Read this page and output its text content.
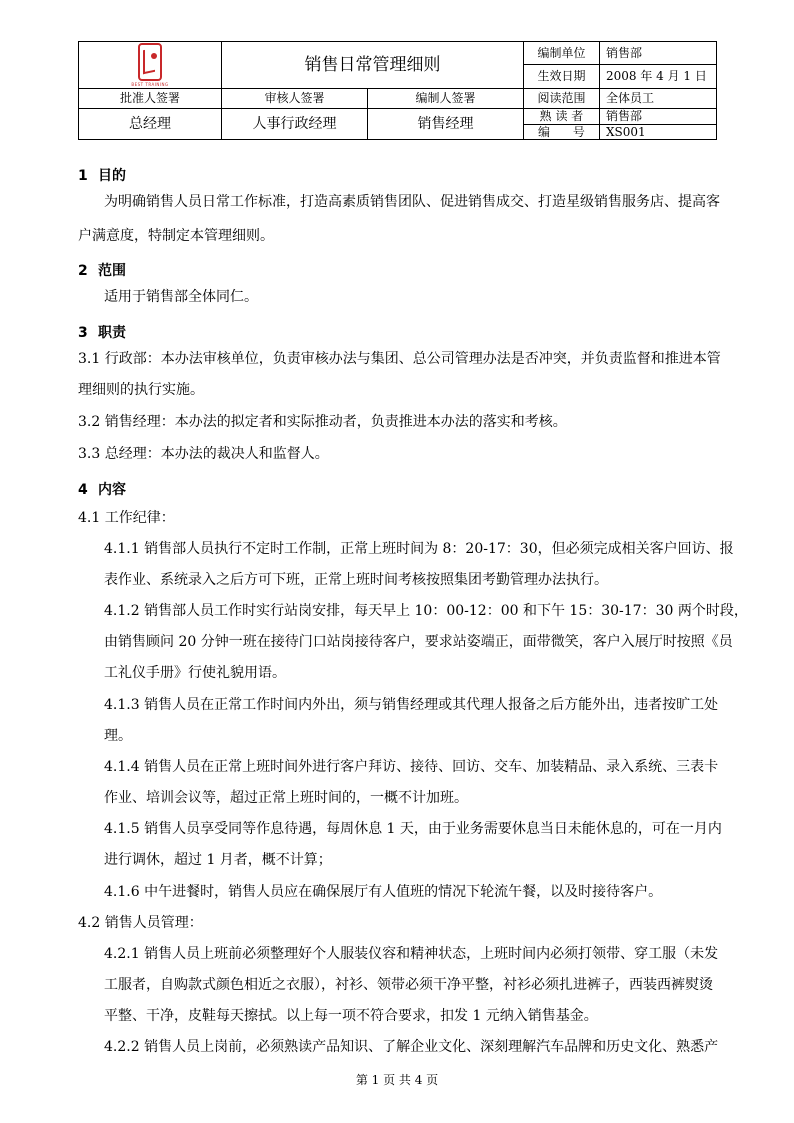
BEST TRAINING	销售日常管理细则		编制单位	销售部
			生效日期	2008 年 4 月 1 日
批准人签署	审核人签署	编制人签署	阅读范围	全体员工
总经理	人事行政经理	销售经理	熟 读 者	销售部
			编      号	XS001
1 目的
为明确销售人员日常工作标准，打造高素质销售团队、促进销售成交、打造星级销售服务店、提高客
户满意度，特制定本管理细则。
2 范围
适用于销售部全体同仁。
3 职责
3.1 行政部：本办法审核单位，负责审核办法与集团、总公司管理办法是否冲突，并负责监督和推进本管
理细则的执行实施。
3.2 销售经理：本办法的拟定者和实际推动者，负责推进本办法的落实和考核。
3.3 总经理：本办法的裁决人和监督人。
4 内容
4.1 工作纪律：
4.1.1 销售部人员执行不定时工作制，正常上班时间为 8：20-17：30，但必须完成相关客户回访、报
表作业、系统录入之后方可下班，正常上班时间考核按照集团考勤管理办法执行。
4.1.2 销售部人员工作时实行站岗安排，每天早上 10：00-12：00 和下午 15：30-17：30 两个时段，
由销售顾问 20 分钟一班在接待门口站岗接待客户，要求站姿端正，面带微笑，客户入展厅时按照《员
工礼仪手册》行使礼貌用语。
4.1.3 销售人员在正常工作时间内外出，须与销售经理或其代理人报备之后方能外出，违者按旷工处
理。
4.1.4 销售人员在正常上班时间外进行客户拜访、接待、回访、交车、加装精品、录入系统、三表卡
作业、培训会议等，超过正常上班时间的，一概不计加班。
4.1.5 销售人员享受同等作息待遇，每周休息 1 天，由于业务需要休息当日未能休息的，可在一月内
进行调休，超过 1 月者，概不计算；
4.1.6 中午进餐时，销售人员应在确保展厅有人值班的情况下轮流午餐，以及时接待客户。
4.2 销售人员管理：
4.2.1 销售人员上班前必须整理好个人服装仪容和精神状态，上班时间内必须打领带、穿工服（未发
工服者，自购款式颜色相近之衣服），衬衫、领带必须干净平整，衬衫必须扎进裤子，西装西裤熨烫
平整、干净，皮鞋每天擦拭。以上每一项不符合要求，扣发 1 元纳入销售基金。
4.2.2 销售人员上岗前，必须熟读产品知识、了解企业文化、深刻理解汽车品牌和历史文化、熟悉产
第 1 页 共 4 页
